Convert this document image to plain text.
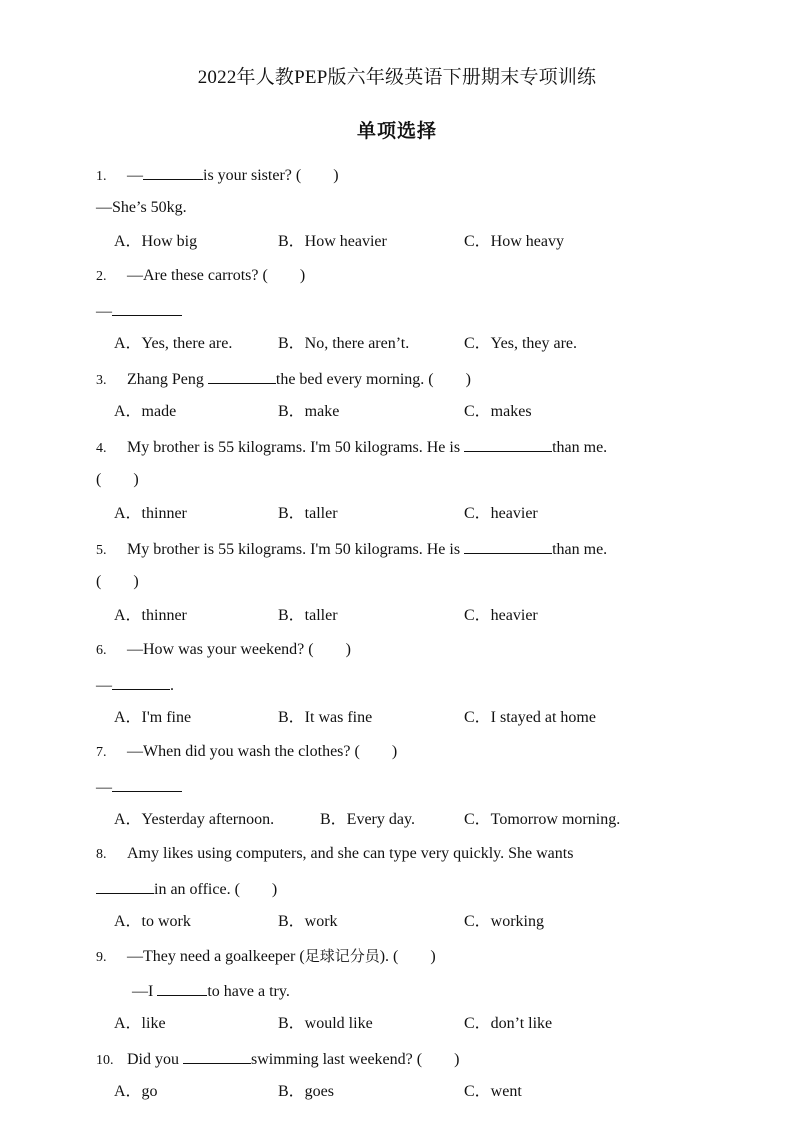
2022年人教PEP版六年级英语下册期末专项训练
单项选择
1. —	is your sister? (　　)
—She’s 50kg.
A．How big	B．How heavier	C．How heavy
2. —Are these carrots? (　　)
—
A．Yes, there are.	B．No, there aren’t.	C．Yes, they are.
3. Zhang Peng	the bed every morning. (　　)
A．made	B．make	C．makes
4. My brother is 55 kilograms. I'm 50 kilograms. He is	than me.
(　　)
A．thinner	B．taller	C．heavier
5. My brother is 55 kilograms. I'm 50 kilograms. He is	than me.
(　　)
A．thinner	B．taller	C．heavier
6. —How was your weekend? (　　)
—	.
A．I'm fine	B．It was fine	C．I stayed at home
7. —When did you wash the clothes? (　　)
—
A．Yesterday afternoon.	B．Every day.	C．Tomorrow morning.
8. Amy likes using computers, and she can type very quickly. She wants
in an office. (　　)
A．to work	B．work	C．working
9. —They need a goalkeeper (足球记分员). (　　)
—I	to have a try.
A．like	B．would like	C．don’t like
10. Did you	swimming last weekend? (　　)
A．go	B．goes	C．went
